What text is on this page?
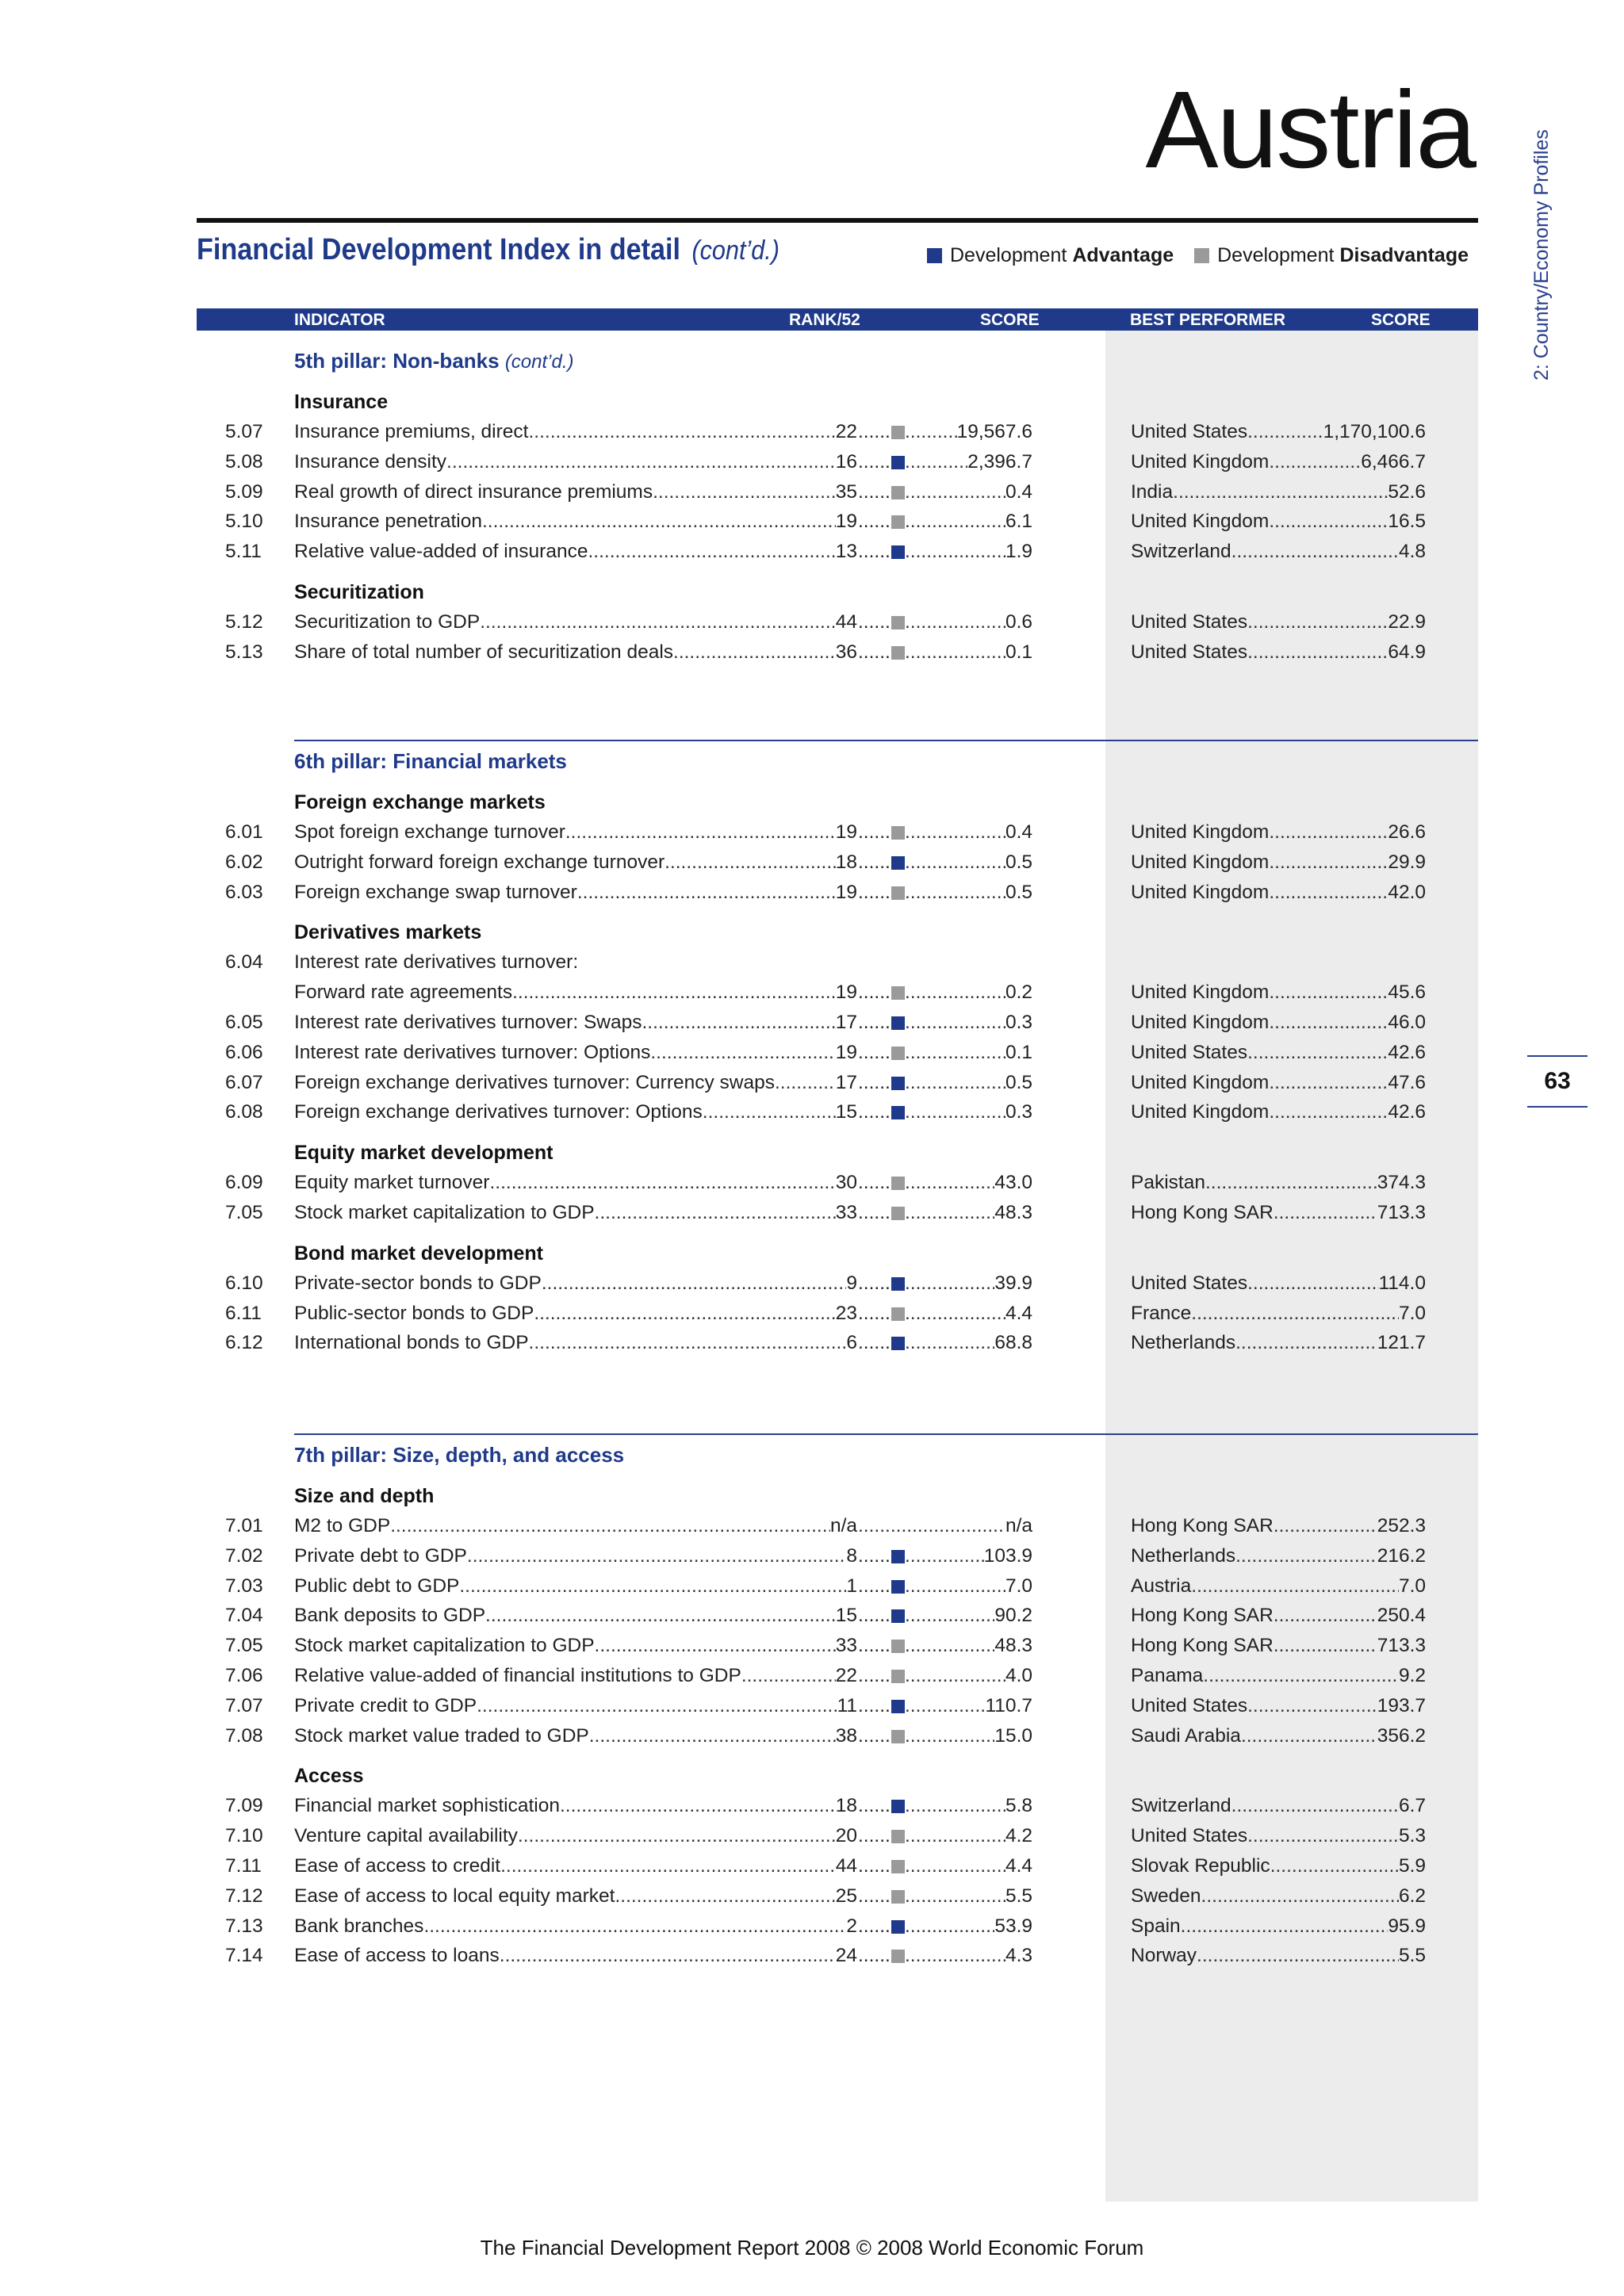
Austria	2: Country/Economy Profiles
63
Financial Development Index in detail (cont’d.)	Development Advantage Development Disadvantage
INDICATOR	RANK/52	SCORE	BEST PERFORMER	SCORE
5th pillar: Non-banks (cont’d.)
Insurance
5.07 Insurance premiums, direct .....	22 ..... .....	19,567.6	United States .....	1,170,100.6
5.08 Insurance density .....	16 ..... .....	2,396.7	United Kingdom .....	6,466.7
5.09 Real growth of direct insurance premiums .....	35 ..... .....	0.4	India .....	52.6
5.10 Insurance penetration .....	19 ..... .....	6.1	United Kingdom .....	16.5
5.11 Relative value-added of insurance .....	13 ..... .....	1.9	Switzerland .....	4.8
Securitization
5.12 Securitization to GDP .....	44 ..... .....	0.6	United States .....	22.9
5.13 Share of total number of securitization deals .....	36 ..... .....	0.1	United States .....	64.9
6th pillar: Financial markets
Foreign exchange markets
6.01 Spot foreign exchange turnover .....	19 ..... .....	0.4	United Kingdom .....	26.6
6.02 Outright forward foreign exchange turnover .....	18 ..... .....	0.5	United Kingdom .....	29.9
6.03 Foreign exchange swap turnover .....	19 ..... .....	0.5	United Kingdom .....	42.0
Derivatives markets
6.04 Interest rate derivatives turnover:
Forward rate agreements .....	19 ..... .....	0.2	United Kingdom .....	45.6
6.05 Interest rate derivatives turnover: Swaps .....	17 ..... .....	0.3	United Kingdom .....	46.0
6.06 Interest rate derivatives turnover: Options .....	19 ..... .....	0.1	United States .....	42.6
6.07 Foreign exchange derivatives turnover: Currency swaps .....	17 ..... .....	0.5	United Kingdom .....	47.6
6.08 Foreign exchange derivatives turnover: Options .....	15 ..... .....	0.3	United Kingdom .....	42.6
Equity market development
6.09 Equity market turnover .....	30 ..... .....	43.0	Pakistan .....	374.3
7.05 Stock market capitalization to GDP .....	33 ..... .....	48.3	Hong Kong SAR .....	713.3
Bond market development
6.10 Private-sector bonds to GDP .....	9 ..... .....	39.9	United States .....	114.0
6.11 Public-sector bonds to GDP .....	23 ..... .....	4.4	France .....	7.0
6.12 International bonds to GDP .....	6 ..... .....	68.8	Netherlands .....	121.7
7th pillar: Size, depth, and access
Size and depth
7.01 M2 to GDP .....	n/a .....	n/a	Hong Kong SAR .....	252.3
7.02 Private debt to GDP .....	8 ..... .....	103.9	Netherlands .....	216.2
7.03 Public debt to GDP .....	1 ..... .....	7.0	Austria .....	7.0
7.04 Bank deposits to GDP .....	15 ..... .....	90.2	Hong Kong SAR .....	250.4
7.05 Stock market capitalization to GDP .....	33 ..... .....	48.3	Hong Kong SAR .....	713.3
7.06 Relative value-added of financial institutions to GDP .....	22 ..... .....	4.0	Panama .....	9.2
7.07 Private credit to GDP .....	11 ..... .....	110.7	United States .....	193.7
7.08 Stock market value traded to GDP .....	38 ..... .....	15.0	Saudi Arabia .....	356.2
Access
7.09 Financial market sophistication .....	18 ..... .....	5.8	Switzerland .....	6.7
7.10 Venture capital availability .....	20 ..... .....	4.2	United States .....	5.3
7.11 Ease of access to credit .....	44 ..... .....	4.4	Slovak Republic .....	5.9
7.12 Ease of access to local equity market .....	25 ..... .....	5.5	Sweden .....	6.2
7.13 Bank branches .....	2 ..... .....	53.9	Spain .....	95.9
7.14 Ease of access to loans .....	24 ..... .....	4.3	Norway .....	5.5
The Financial Development Report 2008 © 2008 World Economic Forum
